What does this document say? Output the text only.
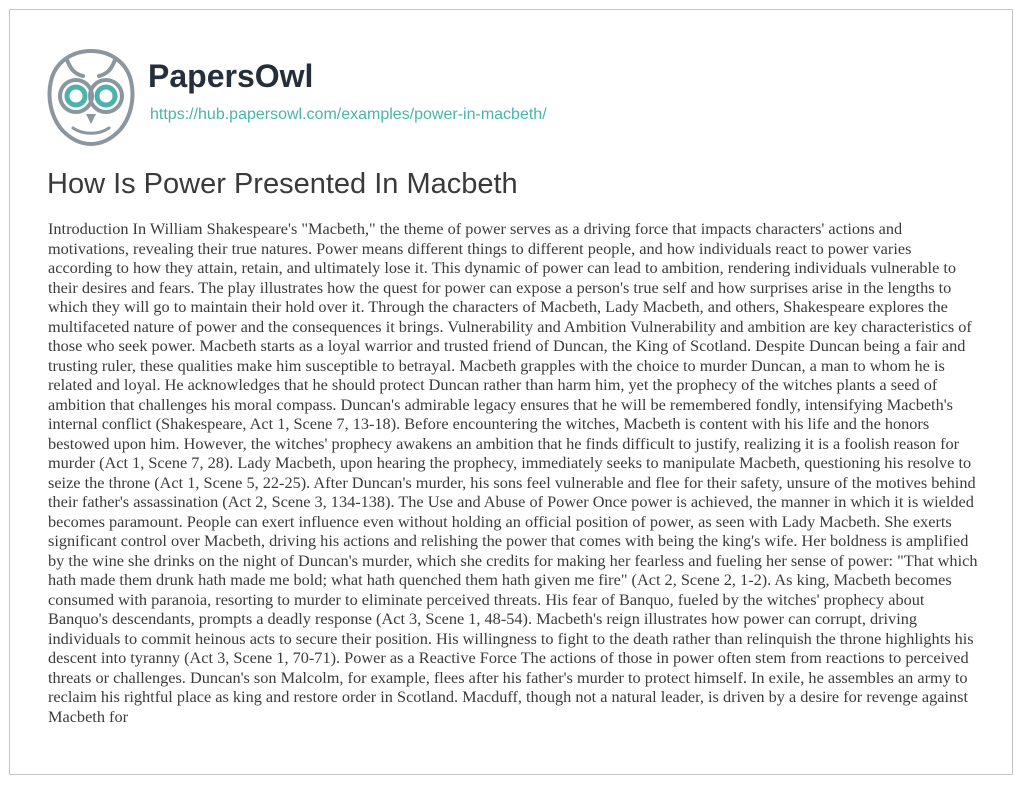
PapersOwl
https://hub.papersowl.com/examples/power-in-macbeth/
How Is Power Presented In Macbeth

Introduction In William Shakespeare's "Macbeth," the theme of power serves as a driving force that impacts characters' actions and motivations, revealing their true natures. Power means different things to different people, and how individuals react to power varies according to how they attain, retain, and ultimately lose it. This dynamic of power can lead to ambition, rendering individuals vulnerable to their desires and fears. The play illustrates how the quest for power can expose a person's true self and how surprises arise in the lengths to which they will go to maintain their hold over it. Through the characters of Macbeth, Lady Macbeth, and others, Shakespeare explores the multifaceted nature of power and the consequences it brings. Vulnerability and Ambition Vulnerability and ambition are key characteristics of those who seek power. Macbeth starts as a loyal warrior and trusted friend of Duncan, the King of Scotland. Despite Duncan being a fair and trusting ruler, these qualities make him susceptible to betrayal. Macbeth grapples with the choice to murder Duncan, a man to whom he is related and loyal. He acknowledges that he should protect Duncan rather than harm him, yet the prophecy of the witches plants a seed of ambition that challenges his moral compass. Duncan's admirable legacy ensures that he will be remembered fondly, intensifying Macbeth's internal conflict (Shakespeare, Act 1, Scene 7, 13-18). Before encountering the witches, Macbeth is content with his life and the honors bestowed upon him. However, the witches' prophecy awakens an ambition that he finds difficult to justify, realizing it is a foolish reason for murder (Act 1, Scene 7, 28). Lady Macbeth, upon hearing the prophecy, immediately seeks to manipulate Macbeth, questioning his resolve to seize the throne (Act 1, Scene 5, 22-25). After Duncan's murder, his sons feel vulnerable and flee for their safety, unsure of the motives behind their father's assassination (Act 2, Scene 3, 134-138). The Use and Abuse of Power Once power is achieved, the manner in which it is wielded becomes paramount. People can exert influence even without holding an official position of power, as seen with Lady Macbeth. She exerts significant control over Macbeth, driving his actions and relishing the power that comes with being the king's wife. Her boldness is amplified by the wine she drinks on the night of Duncan's murder, which she credits for making her fearless and fueling her sense of power: "That which hath made them drunk hath made me bold; what hath quenched them hath given me fire" (Act 2, Scene 2, 1-2). As king, Macbeth becomes consumed with paranoia, resorting to murder to eliminate perceived threats. His fear of Banquo, fueled by the witches' prophecy about Banquo's descendants, prompts a deadly response (Act 3, Scene 1, 48-54). Macbeth's reign illustrates how power can corrupt, driving individuals to commit heinous acts to secure their position. His willingness to fight to the death rather than relinquish the throne highlights his descent into tyranny (Act 3, Scene 1, 70-71). Power as a Reactive Force The actions of those in power often stem from reactions to perceived threats or challenges. Duncan's son Malcolm, for example, flees after his father's murder to protect himself. In exile, he assembles an army to reclaim his rightful place as king and restore order in Scotland. Macduff, though not a natural leader, is driven by a desire for revenge against Macbeth for
